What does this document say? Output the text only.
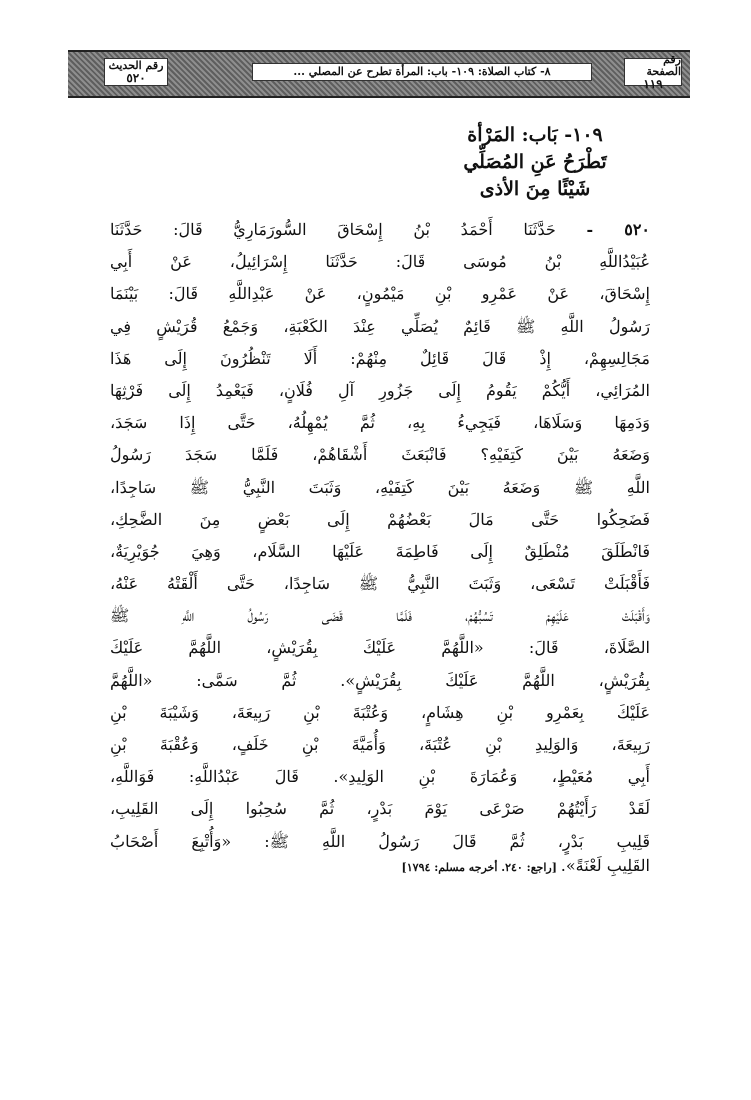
رقم الصفحة
١١٩
٨- كتاب الصلاة: ١٠٩- باب: المرأة تطرح عن المصلي ...
رقم الحديث
٥٢٠
١٠٩- بَاب: المَرْأة
تَطْرَحُ عَنِ المُصَلِّي
شَيْئًا مِنَ الأذى
٥٢٠ - حَدَّثَنَا أَحْمَدُ بْنُ إِسْحَاقَ السُّورَمَارِيُّ قَالَ: حَدَّثَنَا
عُبَيْدُاللَّهِ بْنُ مُوسَى قَالَ: حَدَّثَنَا إِسْرَائِيلُ، عَنْ أَبِي
إِسْحَاقَ، عَنْ عَمْرِو بْنِ مَيْمُونٍ، عَنْ عَبْدِاللَّهِ قَالَ: بَيْنَمَا
رَسُولُ اللَّهِ ﷺ قَائِمٌ يُصَلِّي عِنْدَ الكَعْبَةِ، وَجَمْعُ قُرَيْشٍ فِي
مَجَالِسِهِمْ، إِذْ قَالَ قَائِلٌ مِنْهُمْ: أَلَا تَنْظُرُونَ إِلَى هَذَا
المُرَائِي، أَيُّكُمْ يَقُومُ إِلَى جَزُورِ آلِ فُلَانٍ، فَيَعْمِدُ إِلَى فَرْثِهَا
وَدَمِهَا وَسَلَاهَا، فَيَجِيءُ بِهِ، ثُمَّ يُمْهِلُهُ، حَتَّى إِذَا سَجَدَ،
وَضَعَهُ بَيْنَ كَتِفَيْهِ؟ فَانْبَعَثَ أَشْقَاهُمْ، فَلَمَّا سَجَدَ رَسُولُ
اللَّهِ ﷺ وَضَعَهُ بَيْنَ كَتِفَيْهِ، وَثَبَتَ النَّبِيُّ ﷺ سَاجِدًا،
فَضَحِكُوا حَتَّى مَالَ بَعْضُهُمْ إِلَى بَعْضٍ مِنَ الضَّحِكِ،
فَانْطَلَقَ مُنْطَلِقٌ إِلَى فَاطِمَةَ عَلَيْهَا السَّلَام، وَهِيَ جُوَيْرِيَةٌ،
فَأَقْبَلَتْ تَسْعَى، وَثَبَتَ النَّبِيُّ ﷺ سَاجِدًا، حَتَّى أَلْقَتْهُ عَنْهُ،
وَأَقْبَلَتْ عَلَيْهِمْ تَسُبُّهُمْ، فَلَمَّا قَضَى رَسُولُ اللَّهِ ﷺ
الصَّلَاةَ، قَالَ: «اللَّهُمَّ عَلَيْكَ بِقُرَيْشٍ، اللَّهُمَّ عَلَيْكَ
بِقُرَيْشٍ، اللَّهُمَّ عَلَيْكَ بِقُرَيْشٍ». ثُمَّ سَمَّى: «اللَّهُمَّ
عَلَيْكَ بِعَمْرِو بْنِ هِشَامٍ، وَعُتْبَةَ بْنِ رَبِيعَةَ، وَشَيْبَةَ بْنِ
رَبِيعَةَ، وَالوَلِيدِ بْنِ عُتْبَةَ، وَأُمَيَّةَ بْنِ خَلَفٍ، وَعُقْبَةَ بْنِ
أَبِي مُعَيْطٍ، وَعُمَارَةَ بْنِ الوَلِيدِ». قَالَ عَبْدُاللَّهِ: فَوَاللَّهِ،
لَقَدْ رَأَيْتُهُمْ صَرْعَى يَوْمَ بَدْرٍ، ثُمَّ سُحِبُوا إِلَى القَلِيبِ،
قَلِيبِ بَدْرٍ، ثُمَّ قَالَ رَسُولُ اللَّهِ ﷺ: «وَأُتْبِعَ أَصْحَابُ
القَلِيبِ لَعْنَةً». [راجع: ٢٤٠. أخرجه مسلم: ١٧٩٤]
